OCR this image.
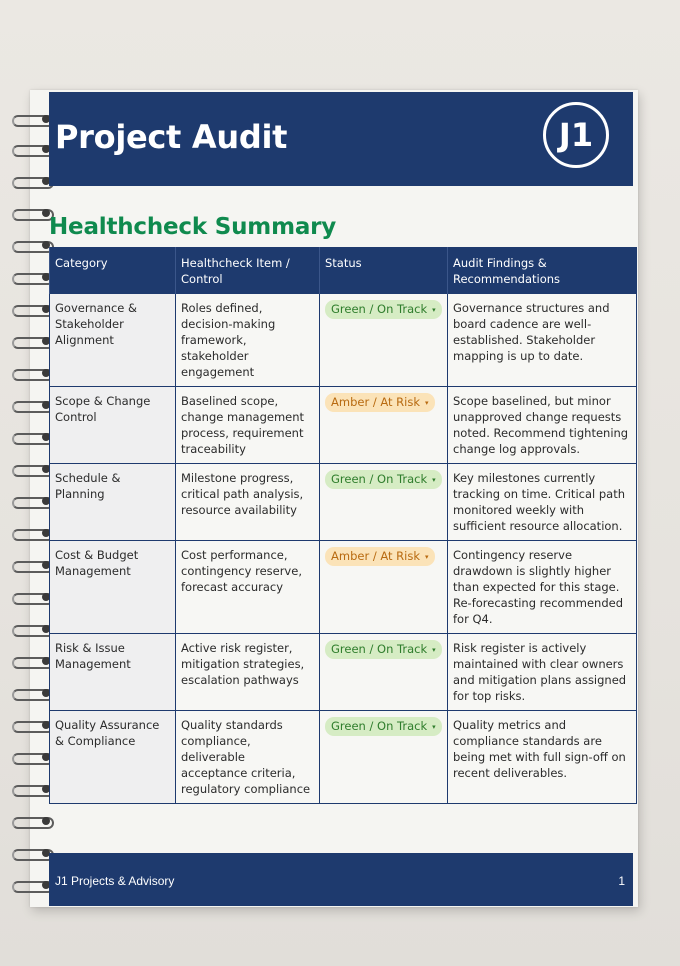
Project Audit	J1
Healthcheck Summary
Category	Healthcheck Item / Control	Status	Audit Findings & Recommendations
Governance & Stakeholder Alignment	Roles defined, decision-making framework, stakeholder engagement	Green / On Track ▾	Governance structures and board cadence are well-established. Stakeholder mapping is up to date.
Scope & Change Control	Baselined scope, change management process, requirement traceability	Amber / At Risk ▾	Scope baselined, but minor unapproved change requests noted. Recommend tightening change log approvals.
Schedule & Planning	Milestone progress, critical path analysis, resource availability	Green / On Track ▾	Key milestones currently tracking on time. Critical path monitored weekly with sufficient resource allocation.
Cost & Budget Management	Cost performance, contingency reserve, forecast accuracy	Amber / At Risk ▾	Contingency reserve drawdown is slightly higher than expected for this stage. Re-forecasting recommended for Q4.
Risk & Issue Management	Active risk register, mitigation strategies, escalation pathways	Green / On Track ▾	Risk register is actively maintained with clear owners and mitigation plans assigned for top risks.
Quality Assurance & Compliance	Quality standards compliance, deliverable acceptance criteria, regulatory compliance	Green / On Track ▾	Quality metrics and compliance standards are being met with full sign-off on recent deliverables.
J1 Projects & Advisory	1
